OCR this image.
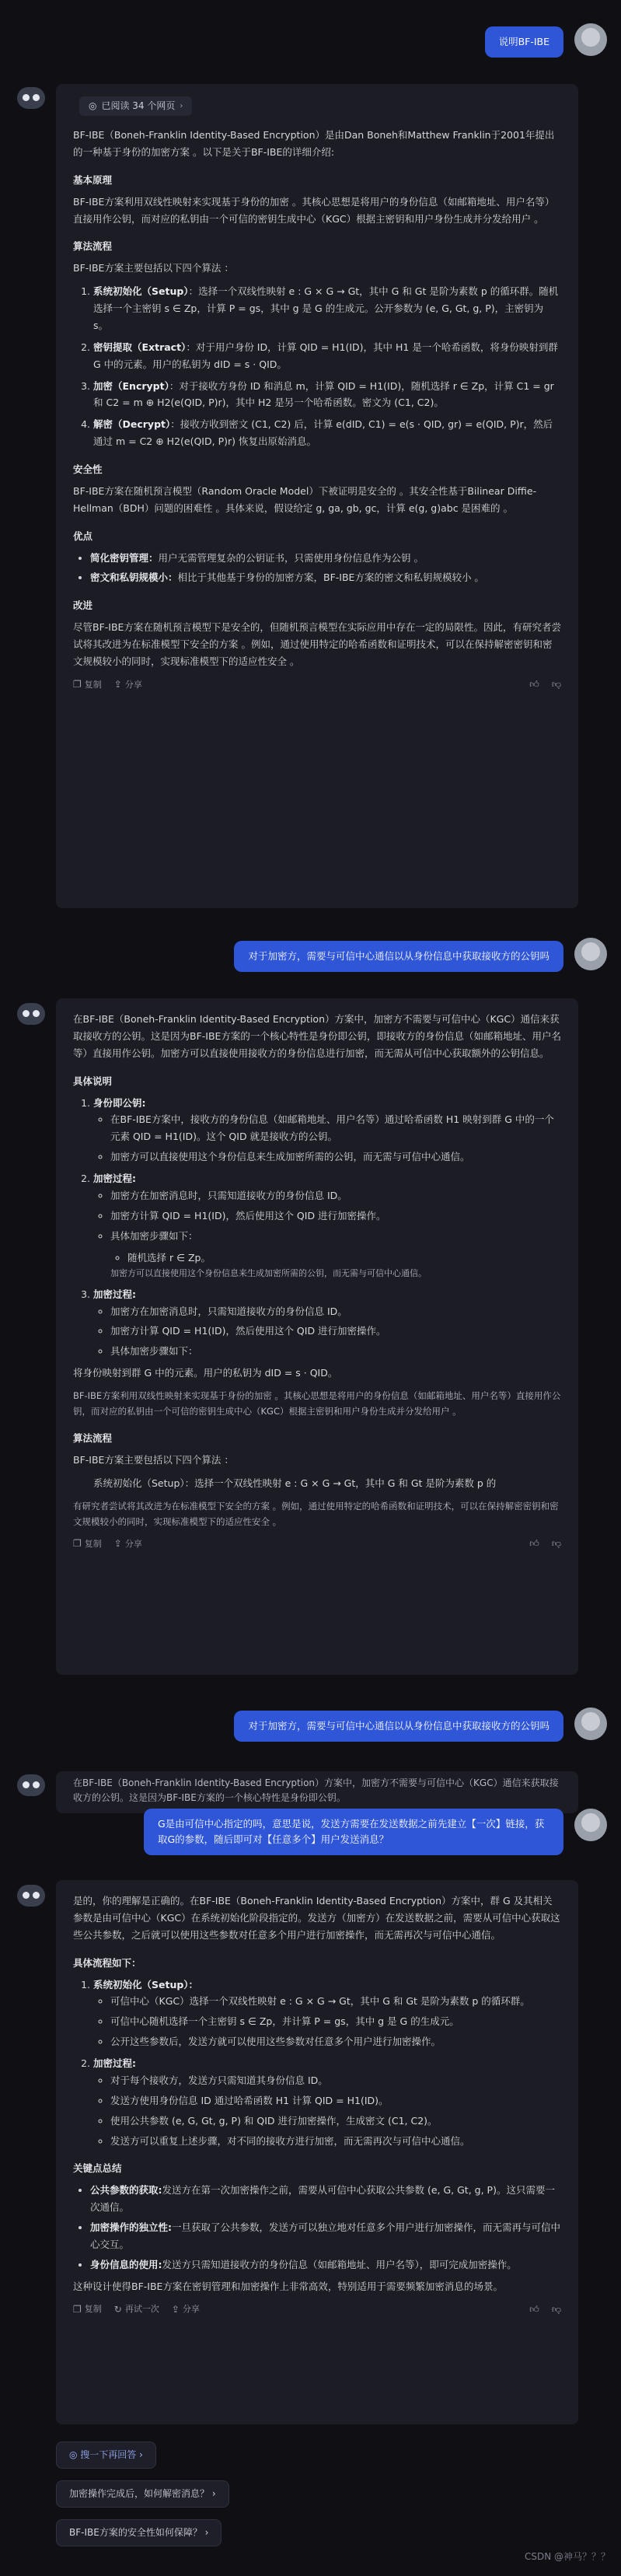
说明BF-IBE
◎ 已阅读 34 个网页 ›
BF-IBE（Boneh-Franklin Identity-Based Encryption）是由Dan Boneh和Matthew Franklin于2001年提出的一种基于身份的加密方案 。以下是关于BF-IBE的详细介绍:
基本原理
BF-IBE方案利用双线性映射来实现基于身份的加密 。其核心思想是将用户的身份信息（如邮箱地址、用户名等）直接用作公钥，而对应的私钥由一个可信的密钥生成中心（KGC）根据主密钥和用户身份生成并分发给用户 。
算法流程
BF-IBE方案主要包括以下四个算法 ：
1. 系统初始化（Setup）：选择一个双线性映射 e : G × G → Gt，其中 G 和 Gt 是阶为素数 p 的循环群。随机选择一个主密钥 s ∈ Zp，计算 P = gs，其中 g 是 G 的生成元。公开参数为 (e, G, Gt, g, P)，主密钥为 s。
2. 密钥提取（Extract）：对于用户身份 ID，计算 QID = H1(ID)，其中 H1 是一个哈希函数，将身份映射到群 G 中的元素。用户的私钥为 dID = s · QID。
3. 加密（Encrypt）：对于接收方身份 ID 和消息 m，计算 QID = H1(ID)，随机选择 r ∈ Zp，计算 C1 = gr 和 C2 = m ⊕ H2(e(QID, P)r)，其中 H2 是另一个哈希函数。密文为 (C1, C2)。
4. 解密（Decrypt）：接收方收到密文 (C1, C2) 后，计算 e(dID, C1) = e(s · QID, gr) = e(QID, P)r，然后通过 m = C2 ⊕ H2(e(QID, P)r) 恢复出原始消息。
安全性
BF-IBE方案在随机预言模型（Random Oracle Model）下被证明是安全的 。其安全性基于Bilinear Diffie-Hellman（BDH）问题的困难性 。具体来说，假设给定 g, ga, gb, gc，计算 e(g, g)abc 是困难的 。
优点
• 简化密钥管理：用户无需管理复杂的公钥证书，只需使用身份信息作为公钥 。
• 密文和私钥规模小：相比于其他基于身份的加密方案，BF-IBE方案的密文和私钥规模较小 。
改进
尽管BF-IBE方案在随机预言模型下是安全的，但随机预言模型在实际应用中存在一定的局限性。因此，有研究者尝试将其改进为在标准模型下安全的方案 。例如，通过使用特定的哈希函数和证明技术，可以在保持解密密钥和密文规模较小的同时，实现标准模型下的适应性安全 。
❐ 复制 ⇪ 分享	👍︎ 👎︎
对于加密方，需要与可信中心通信以从身份信息中获取接收方的公钥吗
在BF-IBE（Boneh-Franklin Identity-Based Encryption）方案中，加密方不需要与可信中心（KGC）通信来获取接收方的公钥。这是因为BF-IBE方案的一个核心特性是身份即公钥，即接收方的身份信息（如邮箱地址、用户名等）直接用作公钥。加密方可以直接使用接收方的身份信息进行加密，而无需从可信中心获取额外的公钥信息。
具体说明
1. 身份即公钥:
◦ 在BF-IBE方案中，接收方的身份信息（如邮箱地址、用户名等）通过哈希函数 H1 映射到群 G 中的一个元素 QID = H1(ID)。这个 QID 就是接收方的公钥。
◦ 加密方可以直接使用这个身份信息来生成加密所需的公钥，而无需与可信中心通信。
2. 加密过程:
◦ 加密方在加密消息时，只需知道接收方的身份信息 ID。
◦ 加密方计算 QID = H1(ID)，然后使用这个 QID 进行加密操作。
◦ 具体加密步骤如下：
◦ 随机选择 r ∈ Zp。
加密方可以直接使用这个身份信息来生成加密所需的公钥，而无需与可信中心通信。
3. 加密过程:
◦ 加密方在加密消息时，只需知道接收方的身份信息 ID。
◦ 加密方计算 QID = H1(ID)，然后使用这个 QID 进行加密操作。
◦ 具体加密步骤如下：
将身份映射到群 G 中的元素。用户的私钥为 dID = s · QID。
BF-IBE方案利用双线性映射来实现基于身份的加密 。其核心思想是将用户的身份信息（如邮箱地址、用户名等）直接用作公钥，而对应的私钥由一个可信的密钥生成中心（KGC）根据主密钥和用户身份生成并分发给用户 。
算法流程
BF-IBE方案主要包括以下四个算法 ：
系统初始化（Setup）：选择一个双线性映射 e : G × G → Gt，其中 G 和 Gt 是阶为素数 p 的
有研究者尝试将其改进为在标准模型下安全的方案 。例如，通过使用特定的哈希函数和证明技术，可以在保持解密密钥和密文规模较小的同时，实现标准模型下的适应性安全 。
❐ 复制 ⇪ 分享	👍︎ 👎︎
对于加密方，需要与可信中心通信以从身份信息中获取接收方的公钥吗
在BF-IBE（Boneh-Franklin Identity-Based Encryption）方案中，加密方不需要与可信中心（KGC）通信来获取接收方的公钥。这是因为BF-IBE方案的一个核心特性是身份即公钥。
G是由可信中心指定的吗，意思是说，发送方需要在发送数据之前先建立【一次】链接，获取G的参数，随后即可对【任意多个】用户发送消息？
是的，你的理解是正确的。在BF-IBE（Boneh-Franklin Identity-Based Encryption）方案中，群 G 及其相关参数是由可信中心（KGC）在系统初始化阶段指定的。发送方（加密方）在发送数据之前，需要从可信中心获取这些公共参数，之后就可以使用这些参数对任意多个用户进行加密操作，而无需再次与可信中心通信。
具体流程如下：
1. 系统初始化（Setup）：
◦ 可信中心（KGC）选择一个双线性映射 e : G × G → Gt，其中 G 和 Gt 是阶为素数 p 的循环群。
◦ 可信中心随机选择一个主密钥 s ∈ Zp，并计算 P = gs，其中 g 是 G 的生成元。
◦ 公开这些参数后，发送方就可以使用这些参数对任意多个用户进行加密操作。
2. 加密过程:
◦ 对于每个接收方，发送方只需知道其身份信息 ID。
◦ 发送方使用身份信息 ID 通过哈希函数 H1 计算 QID = H1(ID)。
◦ 使用公共参数 (e, G, Gt, g, P) 和 QID 进行加密操作，生成密文 (C1, C2)。
◦ 发送方可以重复上述步骤，对不同的接收方进行加密，而无需再次与可信中心通信。
关键点总结
• 公共参数的获取:发送方在第一次加密操作之前，需要从可信中心获取公共参数 (e, G, Gt, g, P)。这只需要一次通信。
• 加密操作的独立性:一旦获取了公共参数，发送方可以独立地对任意多个用户进行加密操作，而无需再与可信中心交互。
• 身份信息的使用:发送方只需知道接收方的身份信息（如邮箱地址、用户名等），即可完成加密操作。
这种设计使得BF-IBE方案在密钥管理和加密操作上非常高效，特别适用于需要频繁加密消息的场景。
❐ 复制 ↻ 再试一次 ⇪ 分享	👍︎ 👎︎
◎ 搜一下再回答 ›
加密操作完成后，如何解密消息？ ›
BF-IBE方案的安全性如何保障？ ›
CSDN @神马？？？
